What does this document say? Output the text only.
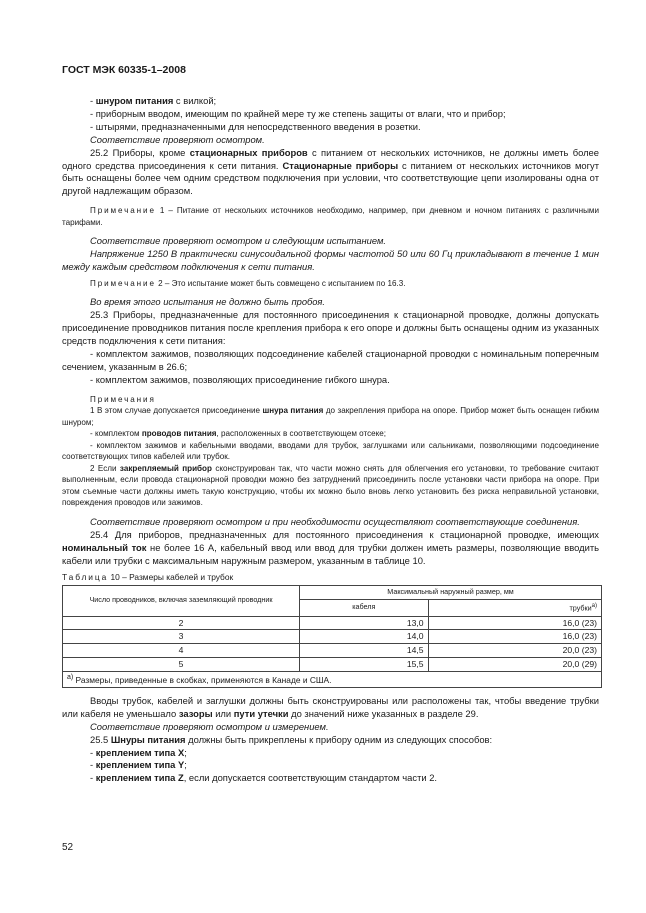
ГОСТ МЭК 60335-1–2008

- шнуром питания с вилкой;

- приборным вводом, имеющим по крайней мере ту же степень защиты от влаги, что и прибор;

- штырями, предназначенными для непосредственного введения в розетки.

Соответствие проверяют осмотром.

25.2 Приборы, кроме стационарных приборов с питанием от нескольких источников, не должны иметь более одного средства присоединения к сети питания. Стационарные приборы с питанием от нескольких источников могут быть оснащены более чем одним средством подключения при условии, что соответствующие цепи изолированы одна от другой надлежащим образом.

Примечание 1 – Питание от нескольких источников необходимо, например, при дневном и ночном питаниях с различными тарифами.

Соответствие проверяют осмотром и следующим испытанием.

Напряжение 1250 В практически синусоидальной формы частотой 50 или 60 Гц прикладывают в течение 1 мин между каждым средством подключения к сети питания.

Примечание 2 – Это испытание может быть совмещено с испытанием по 16.3.

Во время этого испытания не должно быть пробоя.

25.3 Приборы, предназначенные для постоянного присоединения к стационарной проводке, должны допускать присоединение проводников питания после крепления прибора к его опоре и должны быть оснащены одним из указанных средств подключения к сети питания:

- комплектом зажимов, позволяющих подсоединение кабелей стационарной проводки с номинальным поперечным сечением, указанным в 26.6;

- комплектом зажимов, позволяющих присоединение гибкого шнура.

Примечания

1 В этом случае допускается присоединение шнура питания до закрепления прибора на опоре. Прибор может быть оснащен гибким шнуром;

- комплектом проводов питания, расположенных в соответствующем отсеке;

- комплектом зажимов и кабельными вводами, вводами для трубок, заглушками или сальниками, позволяющими подсоединение соответствующих типов кабелей или трубок.

2 Если закрепляемый прибор сконструирован так, что части можно снять для облегчения его установки, то требование считают выполненным, если провода стационарной проводки можно без затруднений присоединить после установки части прибора на опоре. При этом съемные части должны иметь такую конструкцию, чтобы их можно было вновь легко установить без риска неправильной установки, повреждения проводов или зажимов.

Соответствие проверяют осмотром и при необходимости осуществляют соответствующие соединения.

25.4 Для приборов, предназначенных для постоянного присоединения к стационарной проводке, имеющих номинальный ток не более 16 А, кабельный ввод или ввод для трубки должен иметь размеры, позволяющие вводить кабели или трубки с максимальным наружным размером, указанным в таблице 10.

Таблица 10 – Размеры кабелей и трубок

Число проводников, включая заземляющий проводник	Максимальный наружный размер, мм	
	кабеля	трубки$^{a)}$
2	13,0	16,0 (23)
3	14,0	16,0 (23)
4	14,5	20,0 (23)
5	15,5	20,0 (29)
$^{a)}$ Размеры, приведенные в скобках, применяются в Канаде и США.		

Вводы трубок, кабелей и заглушки должны быть сконструированы или расположены так, чтобы введение трубки или кабеля не уменьшало зазоры или пути утечки до значений ниже указанных в разделе 29.

Соответствие проверяют осмотром и измерением.

25.5 Шнуры питания должны быть прикреплены к прибору одним из следующих способов:

- креплением типа X;

- креплением типа Y;

- креплением типа Z, если допускается соответствующим стандартом части 2.

52
